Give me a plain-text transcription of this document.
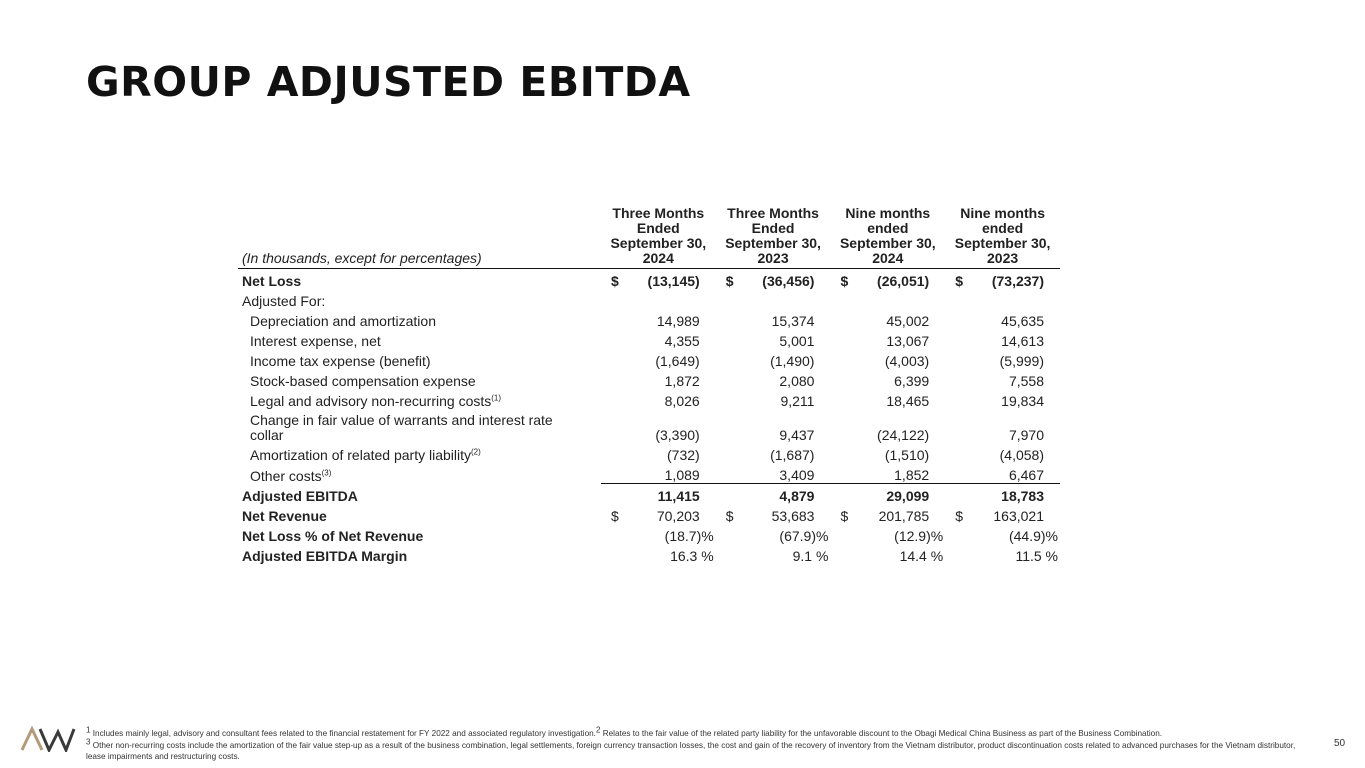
GROUP ADJUSTED EBITDA
(In thousands, except for percentages)	Three Months Ended September 30, 2024	Three Months Ended September 30, 2023	Nine months ended September 30, 2024	Nine months ended September 30, 2023
Net Loss	$ (13,145)	$ (36,456)	$ (26,051)	$ (73,237)
Adjusted For:				
Depreciation and amortization	14,989	15,374	45,002	45,635
Interest expense, net	4,355	5,001	13,067	14,613
Income tax expense (benefit)	(1,649)	(1,490)	(4,003)	(5,999)
Stock-based compensation expense	1,872	2,080	6,399	7,558
Legal and advisory non-recurring costs$^{(1)}$	8,026	9,211	18,465	19,834
Change in fair value of warrants and interest rate collar	(3,390)	9,437	(24,122)	7,970
Amortization of related party liability$^{(2)}$	(732)	(1,687)	(1,510)	(4,058)
Other costs$^{(3)}$	1,089	3,409	1,852	6,467
Adjusted EBITDA	11,415	4,879	29,099	18,783
Net Revenue	$ 70,203	$ 53,683	$ 201,785	$ 163,021
Net Loss % of Net Revenue	(18.7)%	(67.9)%	(12.9)%	(44.9)%
Adjusted EBITDA Margin	16.3 %	9.1 %	14.4 %	11.5 %
$^1$ Includes mainly legal, advisory and consultant fees related to the financial restatement for FY 2022 and associated regulatory investigation.$^2$ Relates to the fair value of the related party liability for the unfavorable discount to the Obagi Medical China Business as part of the Business Combination.
$^3$ Other non-recurring costs include the amortization of the fair value step-up as a result of the business combination, legal settlements, foreign currency transaction losses, the cost and gain of the recovery of inventory from the Vietnam distributor, product discontinuation costs related to advanced purchases for the Vietnam distributor, lease impairments and restructuring costs.
50
